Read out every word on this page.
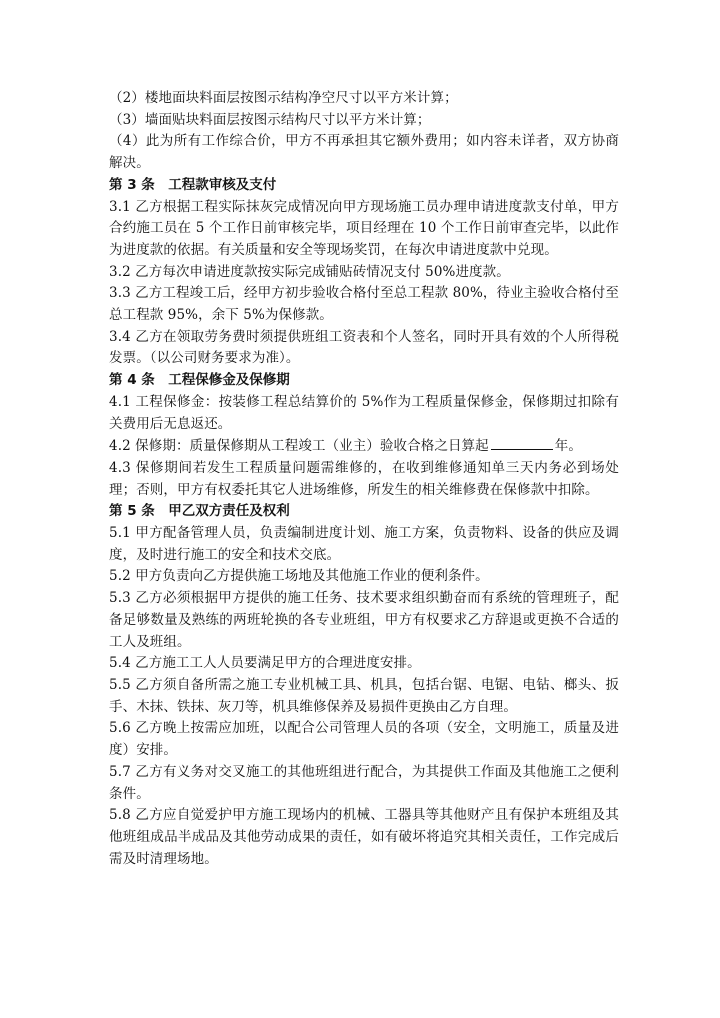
（2）楼地面块料面层按图示结构净空尺寸以平方米计算；

（3）墙面贴块料面层按图示结构尺寸以平方米计算；

（4）此为所有工作综合价，甲方不再承担其它额外费用；如内容未详者，双方协商解决。

第 3 条　工程款审核及支付

3.1 乙方根据工程实际抹灰完成情况向甲方现场施工员办理申请进度款支付单，甲方合约施工员在 5 个工作日前审核完毕，项目经理在 10 个工作日前审查完毕，以此作为进度款的依据。有关质量和安全等现场奖罚，在每次申请进度款中兑现。

3.2 乙方每次申请进度款按实际完成铺贴砖情况支付 50%进度款。

3.3 乙方工程竣工后，经甲方初步验收合格付至总工程款 80%，待业主验收合格付至总工程款 95%，余下 5%为保修款。

3.4 乙方在领取劳务费时须提供班组工资表和个人签名，同时开具有效的个人所得税发票。（以公司财务要求为准）。

第 4 条　工程保修金及保修期

4.1 工程保修金：按装修工程总结算价的 5%作为工程质量保修金，保修期过扣除有关费用后无息返还。

4.2 保修期：质量保修期从工程竣工（业主）验收合格之日算起	年。

4.3 保修期间若发生工程质量问题需维修的，在收到维修通知单三天内务必到场处理；否则，甲方有权委托其它人进场维修，所发生的相关维修费在保修款中扣除。

第 5 条　甲乙双方责任及权利

5.1 甲方配备管理人员，负责编制进度计划、施工方案，负责物料、设备的供应及调度，及时进行施工的安全和技术交底。

5.2 甲方负责向乙方提供施工场地及其他施工作业的便利条件。

5.3 乙方必须根据甲方提供的施工任务、技术要求组织勤奋而有系统的管理班子，配备足够数量及熟练的两班轮换的各专业班组，甲方有权要求乙方辞退或更换不合适的工人及班组。

5.4 乙方施工工人人员要满足甲方的合理进度安排。

5.5 乙方须自备所需之施工专业机械工具、机具，包括台锯、电锯、电钻、榔头、扳手、木抹、铁抹、灰刀等，机具维修保养及易损件更换由乙方自理。

5.6 乙方晚上按需应加班，以配合公司管理人员的各项（安全，文明施工，质量及进度）安排。

5.7 乙方有义务对交叉施工的其他班组进行配合，为其提供工作面及其他施工之便利条件。

5.8 乙方应自觉爱护甲方施工现场内的机械、工器具等其他财产且有保护本班组及其他班组成品半成品及其他劳动成果的责任，如有破坏将追究其相关责任，工作完成后需及时清理场地。
